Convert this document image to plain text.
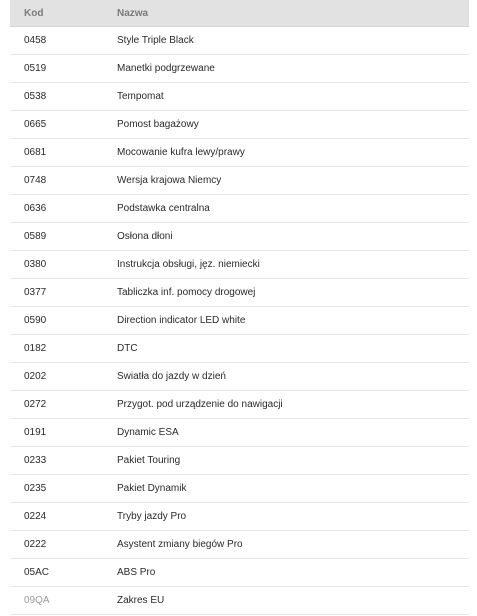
Kod	Nazwa
0458	Style Triple Black
0519	Manetki podgrzewane
0538	Tempomat
0665	Pomost bagażowy
0681	Mocowanie kufra lewy/prawy
0748	Wersja krajowa Niemcy
0636	Podstawka centralna
0589	Osłona dłoni
0380	Instrukcja obsługi, jęz. niemiecki
0377	Tabliczka inf. pomocy drogowej
0590	Direction indicator LED white
0182	DTC
0202	Światła do jazdy w dzień
0272	Przygot. pod urządzenie do nawigacji
0191	Dynamic ESA
0233	Pakiet Touring
0235	Pakiet Dynamik
0224	Tryby jazdy Pro
0222	Asystent zmiany biegów Pro
05AC	ABS Pro
09QA	Zakres EU
